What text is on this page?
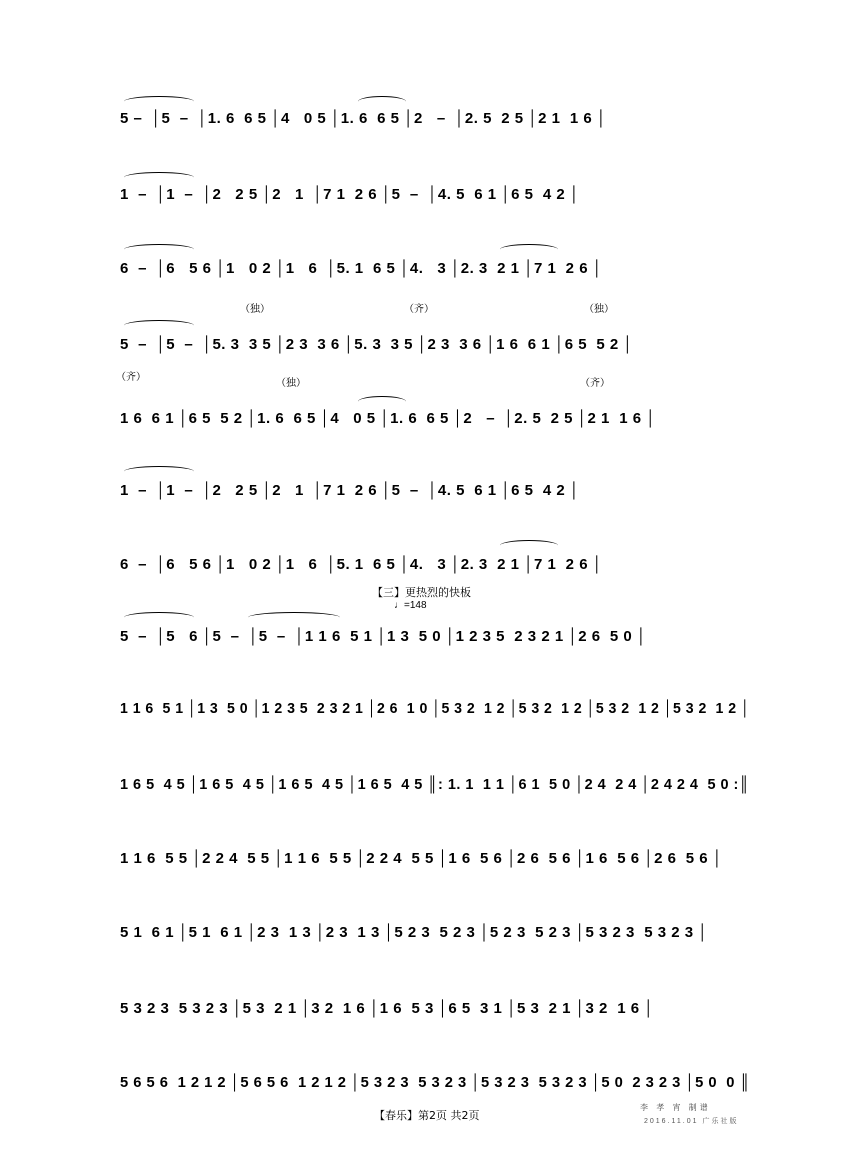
5 –  │5  –  │1. 6  6 5 │4   0 5 │1. 6  6 5 │2   –  │2. 5  2 5 │2 1  1 6 │
1  –  │1  –  │2   2 5 │2   1  │7 1  2 6 │5  –  │4. 5  6 1 │6 5  4 2 │
6  –  │6   5 6 │1   0 2 │1   6  │5. 1  6 5 │4.   3 │2. 3  2 1 │7 1  2 6 │
5  –  │5  –  │5. 3  3 5 │2 3  3 6 │5. 3  3 5 │2 3  3 6 │1 6  6 1 │6 5  5 2 │
（独）	（齐）	（独）
1 6  6 1 │6 5  5 2 │1. 6  6 5 │4   0 5 │1. 6  6 5 │2   –  │2. 5  2 5 │2 1  1 6 │
（齐）
（独）	（齐）
1  –  │1  –  │2   2 5 │2   1  │7 1  2 6 │5  –  │4. 5  6 1 │6 5  4 2 │
6  –  │6   5 6 │1   0 2 │1   6  │5. 1  6 5 │4.   3 │2. 3  2 1 │7 1  2 6 │
【三】更热烈的快板
♩=148
5  –  │5   6 │5  –  │5  –  │1 1 6  5 1 │1 3  5 0 │1 2 3 5  2 3 2 1 │2 6  5 0 │
1 1 6  5 1 │1 3  5 0 │1 2 3 5  2 3 2 1 │2 6  1 0 │5 3 2  1 2 │5 3 2  1 2 │5 3 2  1 2 │5 3 2  1 2 │
1 6 5  4 5 │1 6 5  4 5 │1 6 5  4 5 │1 6 5  4 5 ║: 1. 1  1 1 │6 1  5 0 │2 4  2 4 │2 4 2 4  5 0 :║
1 1 6  5 5 │2 2 4  5 5 │1 1 6  5 5 │2 2 4  5 5 │1 6  5 6 │2 6  5 6 │1 6  5 6 │2 6  5 6 │
5 1  6 1 │5 1  6 1 │2 3  1 3 │2 3  1 3 │5 2 3  5 2 3 │5 2 3  5 2 3 │5 3 2 3  5 3 2 3 │
5 3 2 3  5 3 2 3 │5 3  2 1 │3 2  1 6 │1 6  5 3 │6 5  3 1 │5 3  2 1 │3 2  1 6 │
5 6 5 6  1 2 1 2 │5 6 5 6  1 2 1 2 │5 3 2 3  5 3 2 3 │5 3 2 3  5 3 2 3 │5 0  2 3 2 3 │5 0  0 ║
【春乐】第2页 共2页
李 孝 宵 制谱
2016.11.01 广乐社版
